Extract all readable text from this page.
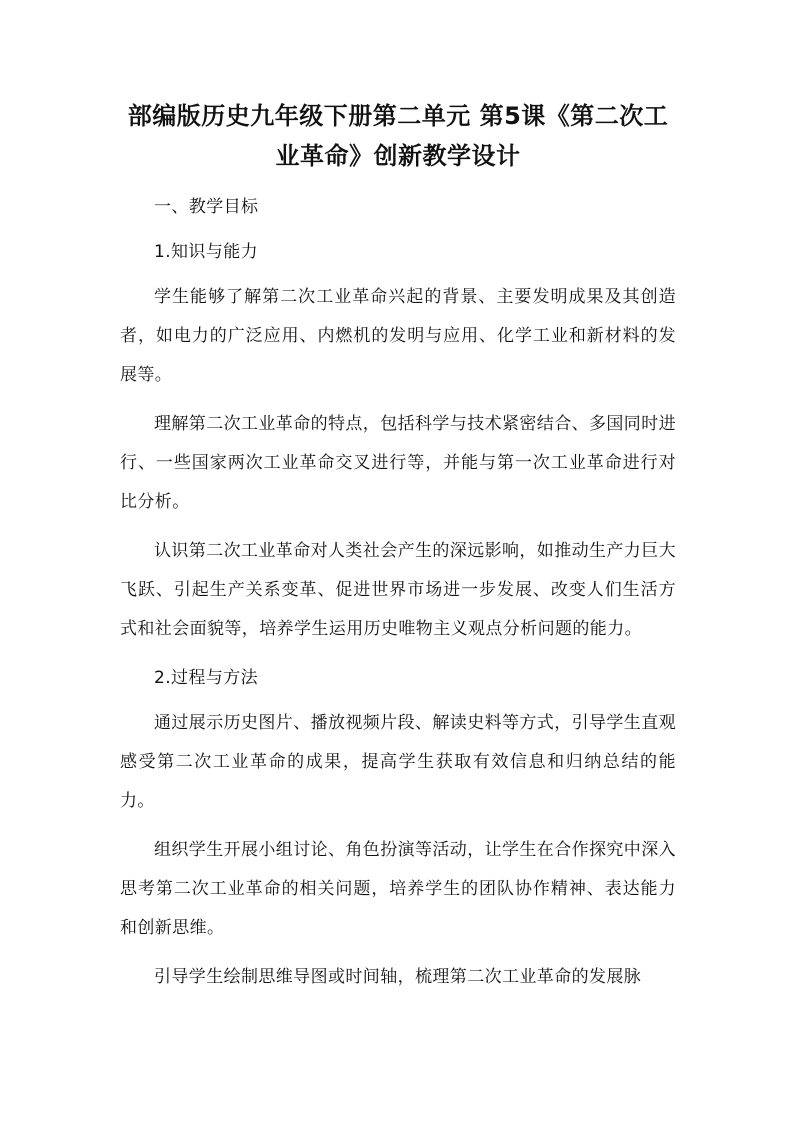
部编版历史九年级下册第二单元 第5课《第二次工
业革命》创新教学设计

一、教学目标

1.知识与能力

学生能够了解第二次工业革命兴起的背景、主要发明成果及其创造者，如电力的广泛应用、内燃机的发明与应用、化学工业和新材料的发展等。

理解第二次工业革命的特点，包括科学与技术紧密结合、多国同时进行、一些国家两次工业革命交叉进行等，并能与第一次工业革命进行对比分析。

认识第二次工业革命对人类社会产生的深远影响，如推动生产力巨大飞跃、引起生产关系变革、促进世界市场进一步发展、改变人们生活方式和社会面貌等，培养学生运用历史唯物主义观点分析问题的能力。

2.过程与方法

通过展示历史图片、播放视频片段、解读史料等方式，引导学生直观感受第二次工业革命的成果，提高学生获取有效信息和归纳总结的能力。

组织学生开展小组讨论、角色扮演等活动，让学生在合作探究中深入思考第二次工业革命的相关问题，培养学生的团队协作精神、表达能力和创新思维。

引导学生绘制思维导图或时间轴，梳理第二次工业革命的发展脉
